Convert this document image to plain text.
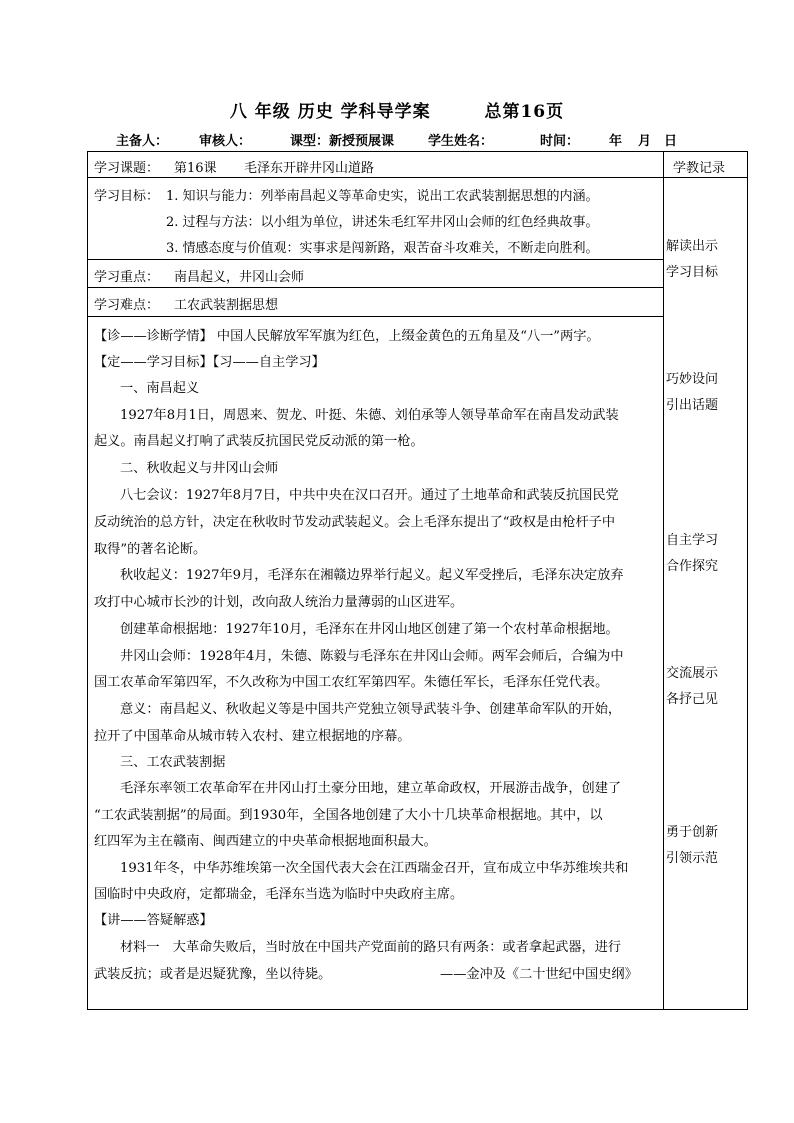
八 年级 历史 学科导学案	总第16页
主备人： 审核人：	课型：新授预展课	学生姓名：	时间： 年 月 日
学习课题： 第16课 毛泽东开辟井冈山道路	学教记录
学习目标： 1. 知识与能力：列举南昌起义等革命史实，说出工农武装割据思想的内涵。
2. 过程与方法：以小组为单位，讲述朱毛红军井冈山会师的红色经典故事。
3. 情感态度与价值观：实事求是闯新路，艰苦奋斗攻难关，不断走向胜利。
学习重点： 南昌起义，井冈山会师
学习难点： 工农武装割据思想
【诊——诊断学情】 中国人民解放军军旗为红色，上缀金黄色的五角星及“八一”两字。
【定——学习目标】【习——自主学习】
一、南昌起义
1927年8月1日，周恩来、贺龙、叶挺、朱德、刘伯承等人领导革命军在南昌发动武装
起义。南昌起义打响了武装反抗国民党反动派的第一枪。
二、秋收起义与井冈山会师
八七会议：1927年8月7日，中共中央在汉口召开。通过了土地革命和武装反抗国民党
反动统治的总方针，决定在秋收时节发动武装起义。会上毛泽东提出了“政权是由枪杆子中
取得”的著名论断。
秋收起义：1927年9月，毛泽东在湘赣边界举行起义。起义军受挫后，毛泽东决定放弃
攻打中心城市长沙的计划，改向敌人统治力量薄弱的山区进军。
创建革命根据地：1927年10月，毛泽东在井冈山地区创建了第一个农村革命根据地。
井冈山会师：1928年4月，朱德、陈毅与毛泽东在井冈山会师。两军会师后，合编为中
国工农革命军第四军，不久改称为中国工农红军第四军。朱德任军长，毛泽东任党代表。
意义：南昌起义、秋收起义等是中国共产党独立领导武装斗争、创建革命军队的开始，
拉开了中国革命从城市转入农村、建立根据地的序幕。
三、工农武装割据
毛泽东率领工农革命军在井冈山打土豪分田地，建立革命政权，开展游击战争，创建了
“工农武装割据”的局面。到1930年，全国各地创建了大小十几块革命根据地。其中，以
红四军为主在赣南、闽西建立的中央革命根据地面积最大。
1931年冬，中华苏维埃第一次全国代表大会在江西瑞金召开，宣布成立中华苏维埃共和
国临时中央政府，定都瑞金，毛泽东当选为临时中央政府主席。
【讲——答疑解惑】
材料一　大革命失败后，当时放在中国共产党面前的路只有两条：或者拿起武器，进行
武装反抗；或者是迟疑犹豫，坐以待毙。	——金冲及《二十世纪中国史纲》
解读出示
学习目标
巧妙设问
引出话题
自主学习
合作探究
交流展示
各抒己见
勇于创新
引领示范
